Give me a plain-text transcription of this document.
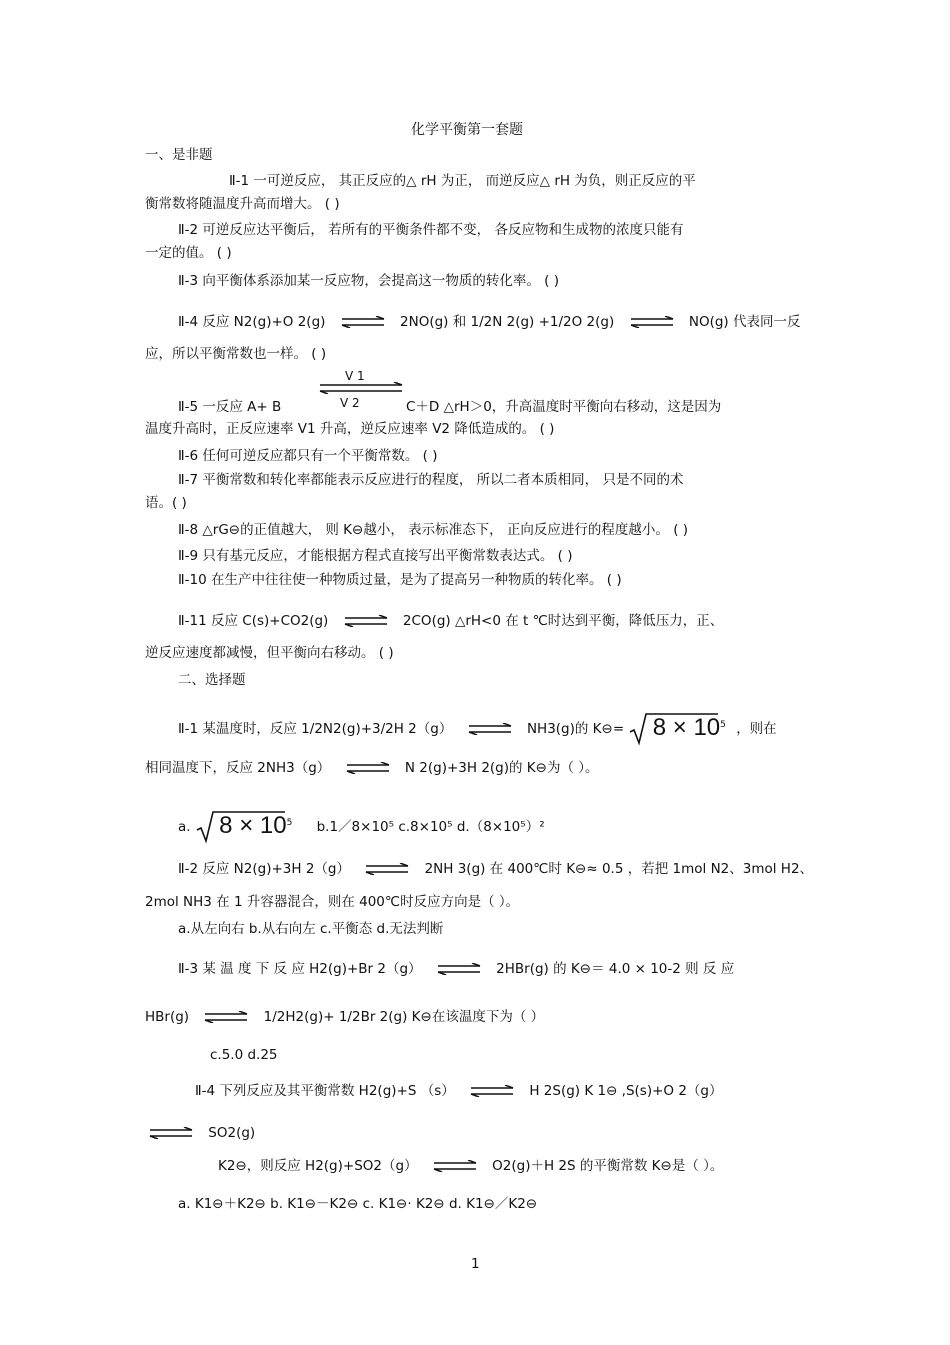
化学平衡第一套题
一、是非题
Ⅱ-1 一可逆反应， 其正反应的△ rH 为正， 而逆反应△ rH 为负，则正反应的平
衡常数将随温度升高而增大。 ( )
Ⅱ-2 可逆反应达平衡后， 若所有的平衡条件都不变， 各反应物和生成物的浓度只能有
一定的值。 ( )
Ⅱ-3 向平衡体系添加某一反应物，会提高这一物质的转化率。 ( )
Ⅱ-4 反应 N2(g)+O 2(g) ⇌ 2NO(g) 和 1/2N 2(g) +1/2O 2(g) ⇌ NO(g) 代表同一反
应，所以平衡常数也一样。 ( )
V 1
V 2
Ⅱ-5 一反应 A+ B	C＋D △rH＞0，升高温度时平衡向右移动，这是因为
温度升高时，正反应速率 V1 升高，逆反应速率 V2 降低造成的。 ( )
Ⅱ-6 任何可逆反应都只有一个平衡常数。 ( )
Ⅱ-7 平衡常数和转化率都能表示反应进行的程度， 所以二者本质相同， 只是不同的术
语。( )
Ⅱ-8 △rG⊖的正值越大， 则 K⊖越小， 表示标准态下， 正向反应进行的程度越小。 ( )
Ⅱ-9 只有基元反应，才能根据方程式直接写出平衡常数表达式。 ( )
Ⅱ-10 在生产中往往使一种物质过量，是为了提高另一种物质的转化率。 ( )
Ⅱ-11 反应 C(s)+CO2(g) ⇌ 2CO(g) △rH<0 在 t ℃时达到平衡，降低压力，正、
逆反应速度都减慢，但平衡向右移动。 ( )
二、选择题
Ⅱ-1 某温度时，反应 1/2N2(g)+3/2H 2（g） ⇌ NH3(g)的 K⊖= $8 \times 10^5$ ，则在
相同温度下，反应 2NH3（g） ⇌ N 2(g)+3H 2(g)的 K⊖为（ ）。
a. $8 \times 10^5$ b.1／8×10⁵ c.8×10⁵ d.（8×10⁵）²
Ⅱ-2 反应 N2(g)+3H 2（g） ⇌ 2NH 3(g) 在 400℃时 K⊖≈ 0.5 ，若把 1mol N2、3mol H2、
2mol NH3 在 1 升容器混合，则在 400℃时反应方向是（ ）。
a.从左向右 b.从右向左 c.平衡态 d.无法判断
Ⅱ-3 某 温 度 下 反 应 H2(g)+Br 2（g） ⇌ 2HBr(g) 的 K⊖＝ 4.0 × 10-2 则 反 应
HBr(g) ⇌ 1/2H2(g)+ 1/2Br 2(g) K⊖在该温度下为（ ）
c.5.0 d.25
Ⅱ-4 下列反应及其平衡常数 H2(g)+S （s） ⇌ H 2S(g) K 1⊖ ,S(s)+O 2（g）
⇌ SO2(g)
K2⊖，则反应 H2(g)+SO2（g） ⇌ O2(g)＋H 2S 的平衡常数 K⊖是（ ）。
a. K1⊖＋K2⊖ b. K1⊖－K2⊖ c. K1⊖· K2⊖ d. K1⊖／K2⊖
1
